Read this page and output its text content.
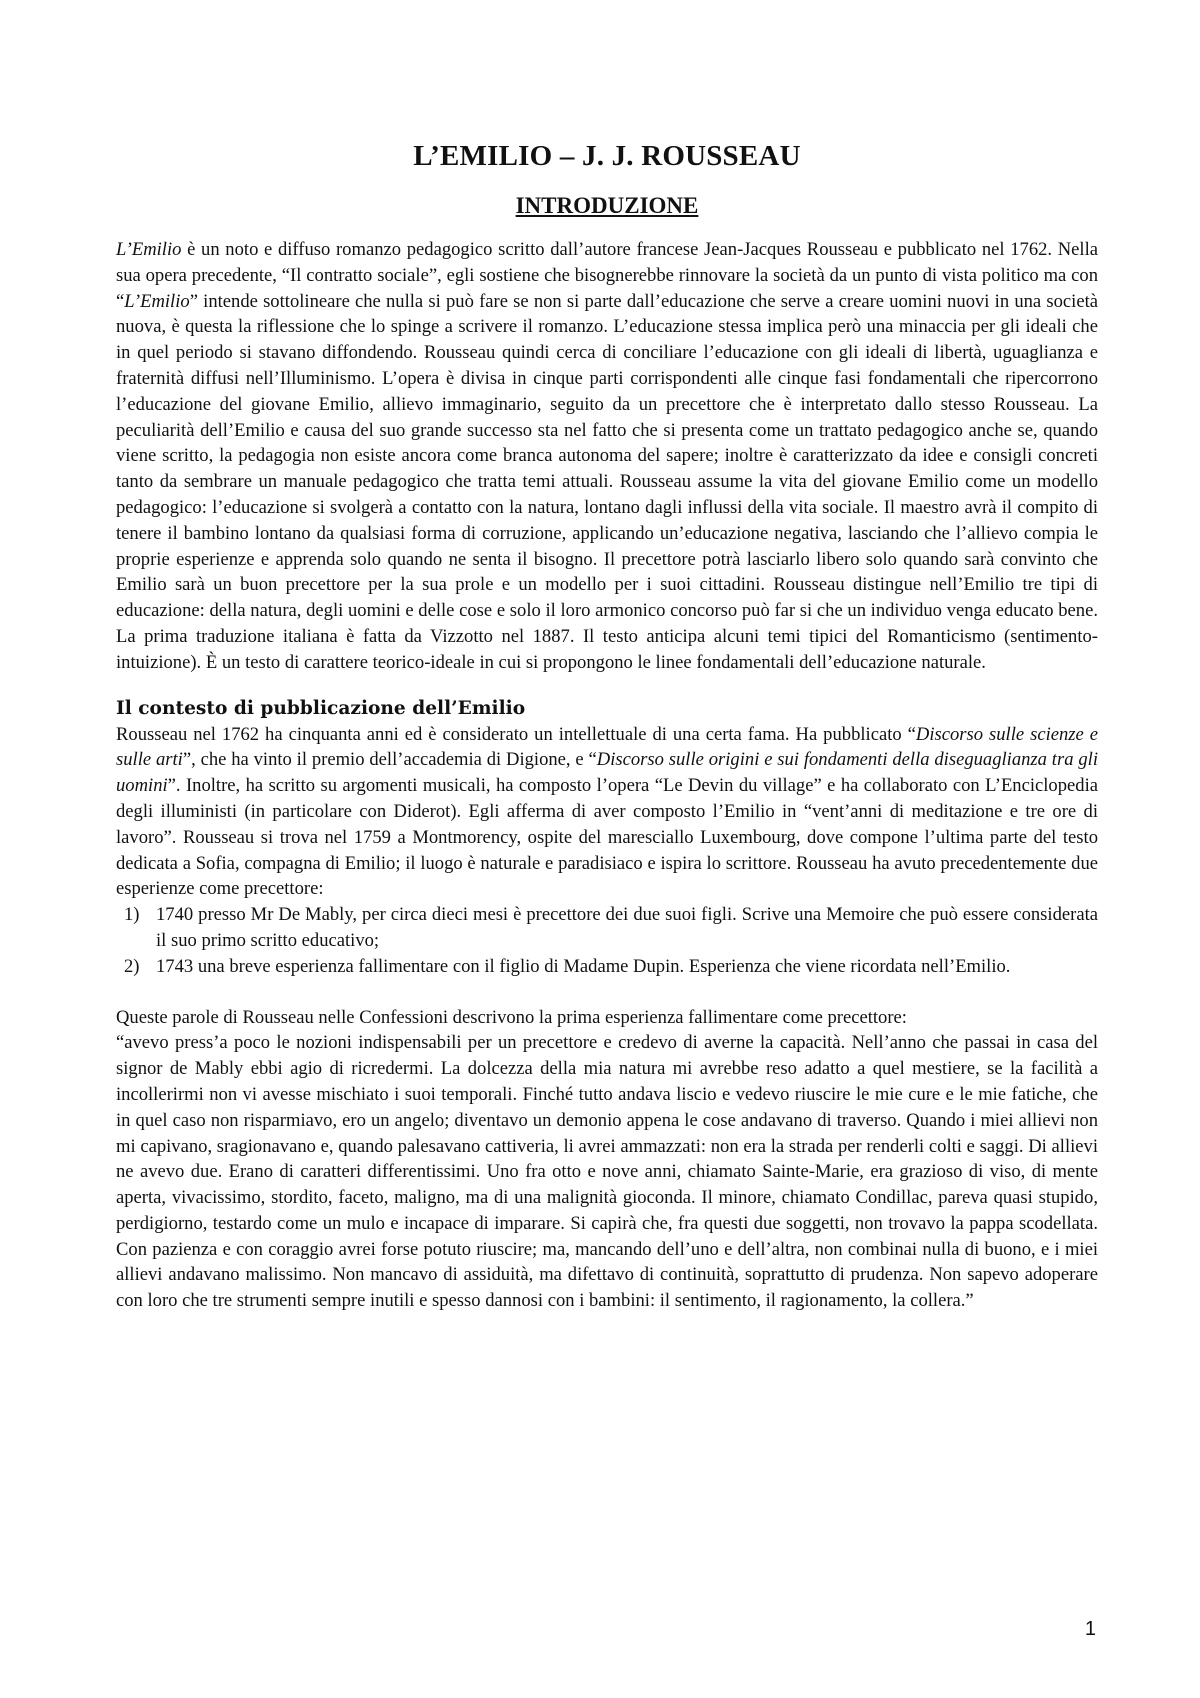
L’EMILIO – J. J. ROUSSEAU
INTRODUZIONE

L’Emilio è un noto e diffuso romanzo pedagogico scritto dall’autore francese Jean-Jacques Rousseau e pubblicato nel 1762. Nella sua opera precedente, “Il contratto sociale”, egli sostiene che bisognerebbe rinnovare la società da un punto di vista politico ma con “L’Emilio” intende sottolineare che nulla si può fare se non si parte dall’educazione che serve a creare uomini nuovi in una società nuova, è questa la riflessione che lo spinge a scrivere il romanzo. L’educazione stessa implica però una minaccia per gli ideali che in quel periodo si stavano diffondendo. Rousseau quindi cerca di conciliare l’educazione con gli ideali di libertà, uguaglianza e fraternità diffusi nell’Illuminismo. L’opera è divisa in cinque parti corrispondenti alle cinque fasi fondamentali che ripercorrono l’educazione del giovane Emilio, allievo immaginario, seguito da un precettore che è interpretato dallo stesso Rousseau. La peculiarità dell’Emilio e causa del suo grande successo sta nel fatto che si presenta come un trattato pedagogico anche se, quando viene scritto, la pedagogia non esiste ancora come branca autonoma del sapere; inoltre è caratterizzato da idee e consigli concreti tanto da sembrare un manuale pedagogico che tratta temi attuali. Rousseau assume la vita del giovane Emilio come un modello pedagogico: l’educazione si svolgerà a contatto con la natura, lontano dagli influssi della vita sociale. Il maestro avrà il compito di tenere il bambino lontano da qualsiasi forma di corruzione, applicando un’educazione negativa, lasciando che l’allievo compia le proprie esperienze e apprenda solo quando ne senta il bisogno. Il precettore potrà lasciarlo libero solo quando sarà convinto che Emilio sarà un buon precettore per la sua prole e un modello per i suoi cittadini. Rousseau distingue nell’Emilio tre tipi di educazione: della natura, degli uomini e delle cose e solo il loro armonico concorso può far si che un individuo venga educato bene. La prima traduzione italiana è fatta da Vizzotto nel 1887. Il testo anticipa alcuni temi tipici del Romanticismo (sentimento-intuizione). È un testo di carattere teorico-ideale in cui si propongono le linee fondamentali dell’educazione naturale.

Il contesto di pubblicazione dell’Emilio

Rousseau nel 1762 ha cinquanta anni ed è considerato un intellettuale di una certa fama. Ha pubblicato “Discorso sulle scienze e sulle arti”, che ha vinto il premio dell’accademia di Digione, e “Discorso sulle origini e sui fondamenti della diseguaglianza tra gli uomini”. Inoltre, ha scritto su argomenti musicali, ha composto l’opera “Le Devin du village” e ha collaborato con L’Enciclopedia degli illuministi (in particolare con Diderot). Egli afferma di aver composto l’Emilio in “vent’anni di meditazione e tre ore di lavoro”. Rousseau si trova nel 1759 a Montmorency, ospite del maresciallo Luxembourg, dove compone l’ultima parte del testo dedicata a Sofia, compagna di Emilio; il luogo è naturale e paradisiaco e ispira lo scrittore. Rousseau ha avuto precedentemente due esperienze come precettore:

1) 1740 presso Mr De Mably, per circa dieci mesi è precettore dei due suoi figli. Scrive una Memoire che può essere considerata il suo primo scritto educativo;
2) 1743 una breve esperienza fallimentare con il figlio di Madame Dupin. Esperienza che viene ricordata nell’Emilio.

Queste parole di Rousseau nelle Confessioni descrivono la prima esperienza fallimentare come precettore:

“avevo press’a poco le nozioni indispensabili per un precettore e credevo di averne la capacità. Nell’anno che passai in casa del signor de Mably ebbi agio di ricredermi. La dolcezza della mia natura mi avrebbe reso adatto a quel mestiere, se la facilità a incollerirmi non vi avesse mischiato i suoi temporali. Finché tutto andava liscio e vedevo riuscire le mie cure e le mie fatiche, che in quel caso non risparmiavo, ero un angelo; diventavo un demonio appena le cose andavano di traverso. Quando i miei allievi non mi capivano, sragionavano e, quando palesavano cattiveria, li avrei ammazzati: non era la strada per renderli colti e saggi. Di allievi ne avevo due. Erano di caratteri differentissimi. Uno fra otto e nove anni, chiamato Sainte-Marie, era grazioso di viso, di mente aperta, vivacissimo, stordito, faceto, maligno, ma di una malignità gioconda. Il minore, chiamato Condillac, pareva quasi stupido, perdigiorno, testardo come un mulo e incapace di imparare. Si capirà che, fra questi due soggetti, non trovavo la pappa scodellata. Con pazienza e con coraggio avrei forse potuto riuscire; ma, mancando dell’uno e dell’altra, non combinai nulla di buono, e i miei allievi andavano malissimo. Non mancavo di assiduità, ma difettavo di continuità, soprattutto di prudenza. Non sapevo adoperare con loro che tre strumenti sempre inutili e spesso dannosi con i bambini: il sentimento, il ragionamento, la collera.”

1
